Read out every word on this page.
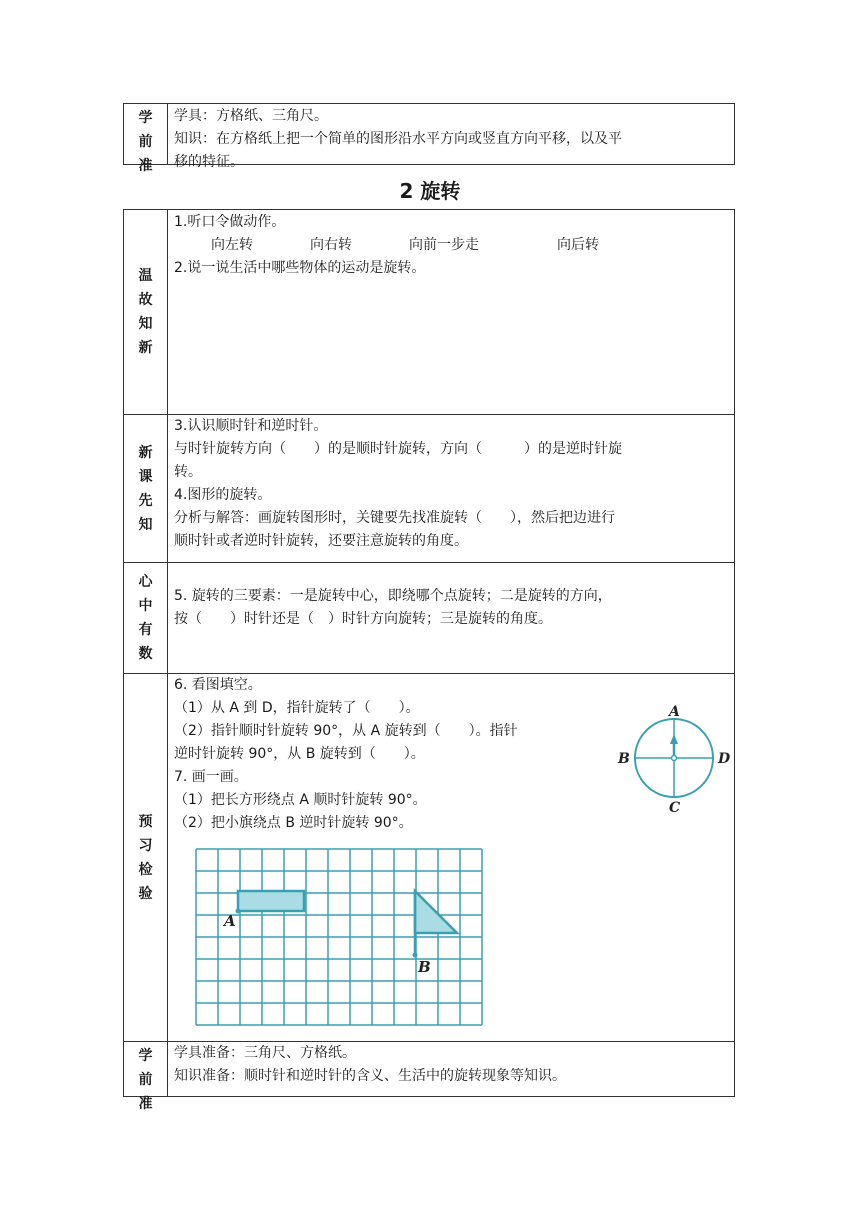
学
前
准
学具：方格纸、三角尺。
知识：在方格纸上把一个简单的图形沿水平方向或竖直方向平移，以及平
移的特征。
2 旋转
温
故
知
新
1.听口令做动作。
向左转	向右转	向前一步走	向后转
2.说一说生活中哪些物体的运动是旋转。
新
课
先
知
3.认识顺时针和逆时针。
与时针旋转方向（　　）的是顺时针旋转，方向（　　　）的是逆时针旋
转。
4.图形的旋转。
分析与解答：画旋转图形时，关键要先找准旋转（　　），然后把边进行
顺时针或者逆时针旋转，还要注意旋转的角度。
心
中
有
数
5. 旋转的三要素：一是旋转中心，即绕哪个点旋转；二是旋转的方向，
按（　　）时针还是（　）时针方向旋转；三是旋转的角度。
预
习
检
验
6. 看图填空。
（1）从 A 到 D，指针旋转了（　　）。
（2）指针顺时针旋转 90°，从 A 旋转到（　　）。指针
逆时针旋转 90°，从 B 旋转到（　　）。
7. 画一画。
（1）把长方形绕点 A 顺时针旋转 90°。
（2）把小旗绕点 B 逆时针旋转 90°。
A
B	D
C
A
B
学
前
准
学具准备：三角尺、方格纸。
知识准备：顺时针和逆时针的含义、生活中的旋转现象等知识。
